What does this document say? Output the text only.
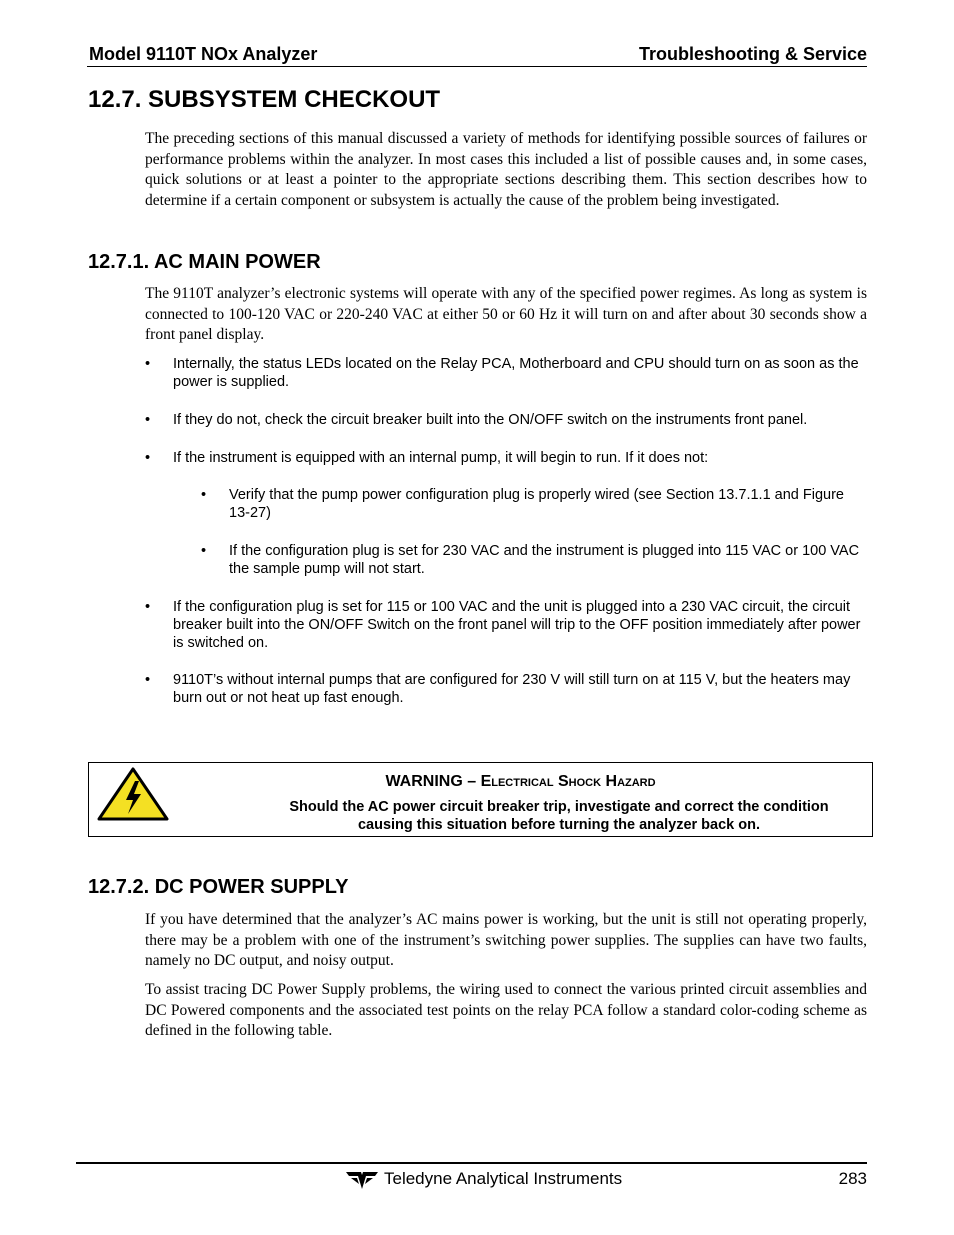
Model 9110T NOx Analyzer	Troubleshooting & Service
12.7. SUBSYSTEM CHECKOUT

The preceding sections of this manual discussed a variety of methods for identifying possible sources of failures or performance problems within the analyzer. In most cases this included a list of possible causes and, in some cases, quick solutions or at least a pointer to the appropriate sections describing them. This section describes how to determine if a certain component or subsystem is actually the cause of the problem being investigated.

12.7.1. AC MAIN POWER

The 9110T analyzer’s electronic systems will operate with any of the specified power regimes. As long as system is connected to 100-120 VAC or 220-240 VAC at either 50 or 60 Hz it will turn on and after about 30 seconds show a front panel display.

• Internally, the status LEDs located on the Relay PCA, Motherboard and CPU should turn on as soon as the power is supplied.
• If they do not, check the circuit breaker built into the ON/OFF switch on the instruments front panel.
• If the instrument is equipped with an internal pump, it will begin to run. If it does not:
• Verify that the pump power configuration plug is properly wired (see Section 13.7.1.1 and Figure 13-27)
• If the configuration plug is set for 230 VAC and the instrument is plugged into 115 VAC or 100 VAC the sample pump will not start.
• If the configuration plug is set for 115 or 100 VAC and the unit is plugged into a 230 VAC circuit, the circuit breaker built into the ON/OFF Switch on the front panel will trip to the OFF position immediately after power is switched on.
• 9110T’s without internal pumps that are configured for 230 V will still turn on at 115 V, but the heaters may burn out or not heat up fast enough.
WARNING – Electrical Shock Hazard
Should the AC power circuit breaker trip, investigate and correct the condition causing this situation before turning the analyzer back on.
12.7.2. DC POWER SUPPLY

If you have determined that the analyzer’s AC mains power is working, but the unit is still not operating properly, there may be a problem with one of the instrument’s switching power supplies. The supplies can have two faults, namely no DC output, and noisy output.

To assist tracing DC Power Supply problems, the wiring used to connect the various printed circuit assemblies and DC Powered components and the associated test points on the relay PCA follow a standard color-coding scheme as defined in the following table.

Teledyne Analytical Instruments	283
